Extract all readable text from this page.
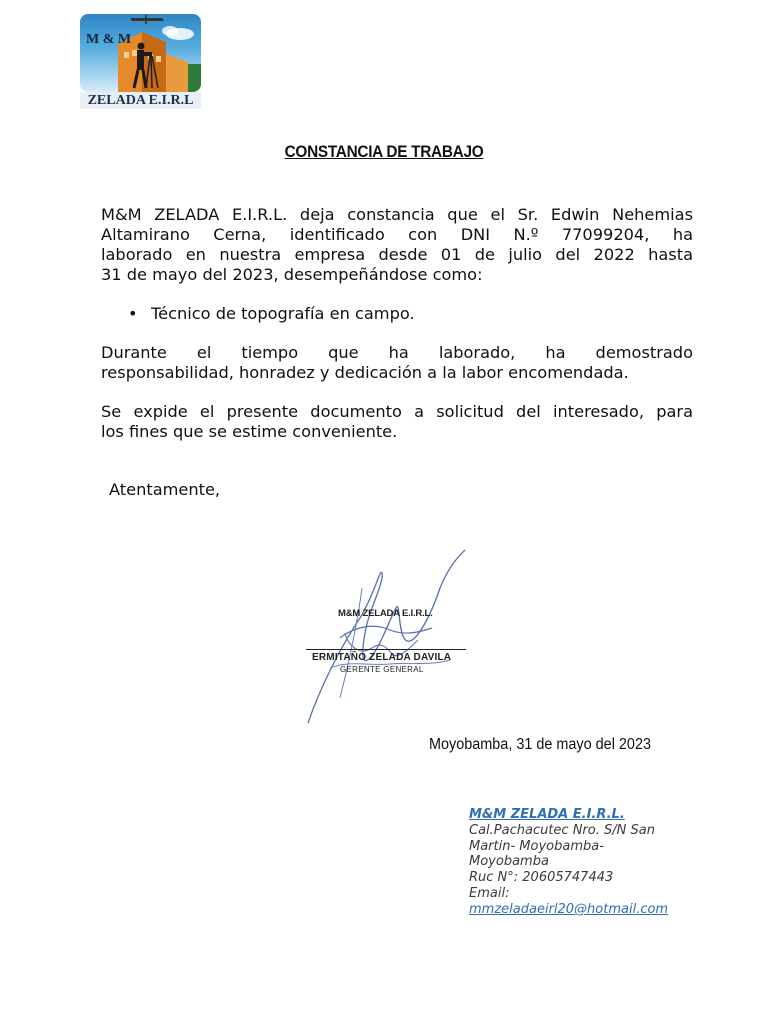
M & M
ZELADA E.I.R.L
CONSTANCIA DE TRABAJO
M&M ZELADA E.I.R.L. deja constancia que el Sr. Edwin Nehemias
Altamirano Cerna, identificado con DNI N.º 77099204, ha
laborado en nuestra empresa desde 01 de julio del 2022 hasta
31 de mayo del 2023, desempeñándose como:
• Técnico de topografía en campo.
Durante el tiempo que ha laborado, ha demostrado
responsabilidad, honradez y dedicación a la labor encomendada.
Se expide el presente documento a solicitud del interesado, para
los fines que se estime conveniente.
Atentamente,
M&M ZELADA E.I.R.L.
ERMITAÑO ZELADA DAVILA
GERENTE GENERAL
Moyobamba, 31 de mayo del 2023
M&M ZELADA E.I.R.L.
Cal.Pachacutec Nro. S/N San
Martin- Moyobamba-
Moyobamba
Ruc N°: 20605747443
Email:
mmzeladaeirl20@hotmail.com
